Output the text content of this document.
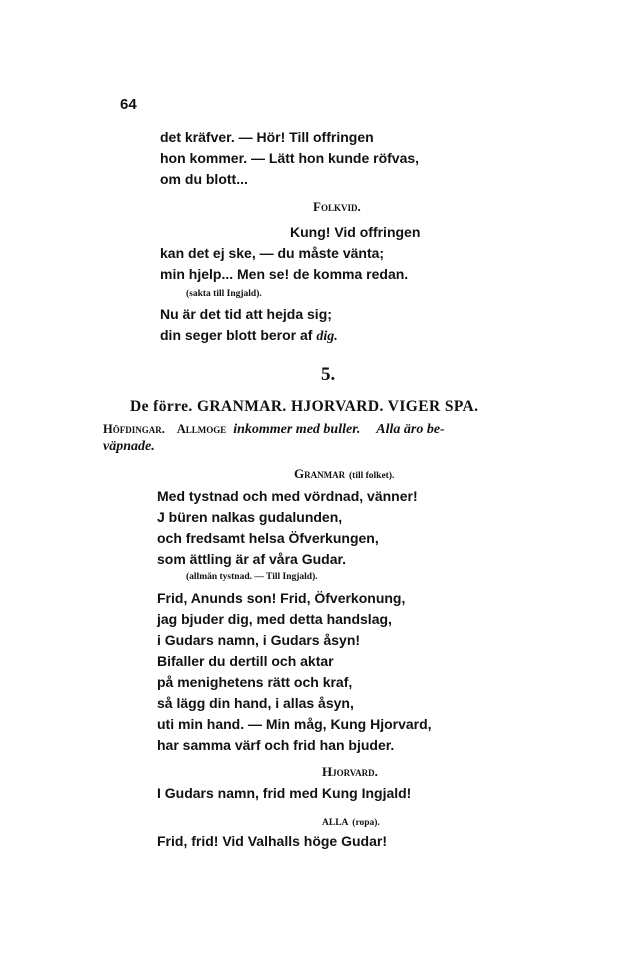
64
det kräfver. — Hör! Till offringen
hon kommer. — Lätt hon kunde röfvas,
om du blott...
Folkvid.
Kung! Vid offringen
kan det ej ske, — du måste vänta;
min hjelp... Men se! de komma redan.
(sakta till Ingjald).
Nu är det tid att hejda sig;
din seger blott beror af dig.
5.
De förre. GRANMAR. HJORVARD. VIGER SPA.
Höfdingar. Allmoge inkommer med buller. Alla äro be-
väpnade.
Granmar (till folket).
Med tystnad och med vördnad, vänner!
J büren nalkas gudalunden,
och fredsamt helsa Öfverkungen,
som ättling är af våra Gudar.
(allmän tystnad. — Till Ingjald).
Frid, Anunds son! Frid, Öfverkonung,
jag bjuder dig, med detta handslag,
i Gudars namn, i Gudars åsyn!
Bifaller du dertill och aktar
på menighetens rätt och kraf,
så lägg din hand, i allas åsyn,
uti min hand. — Min måg, Kung Hjorvard,
har samma värf och frid han bjuder.
Hjorvard.
I Gudars namn, frid med Kung Ingjald!
ALLA (ropa).
Frid, frid! Vid Valhalls höge Gudar!
